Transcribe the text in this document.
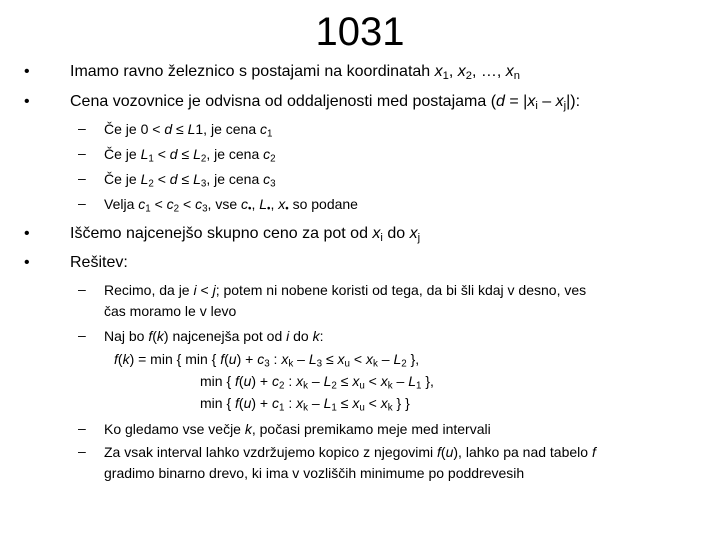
1031
•	Imamo ravno železnico s postajami na koordinatah $x_1$, $x_2$, …, $x_n$
•	Cena vozovnice je odvisna od oddaljenosti med postajama $(d = |x_i - x_j|)$:
– Če je 0 < d ≤ L1, je cena $c_1$
– Če je $L_1 < d \le L_2$, je cena $c_2$
– Če je $L_2 < d \le L_3$, je cena $c_3$
– Velja $c_1 < c_2 < c_3$, vse $c_•$, $L_•$, $x_•$ so podane
•	Iščemo najcenejšo skupno ceno za pot od $x_i$ do $x_j$
•	Rešitev:
– Recimo, da je i < j; potem ni nobene koristi od tega, da bi šli kdaj v desno, ves
čas moramo le v levo
– Naj bo f(k) najcenejša pot od i do k:
f(k) = min { min { $f(u) + c_3$ : $x_k - L_3 \le x_u < x_k - L_2$ },
min { $f(u) + c_2$ : $x_k - L_2 \le x_u < x_k - L_1$ },
min { $f(u) + c_1$ : $x_k - L_1 \le x_u < x_k$ } }
– Ko gledamo vse večje k, počasi premikamo meje med intervali
– Za vsak interval lahko vzdržujemo kopico z njegovimi f(u), lahko pa nad tabelo f
gradimo binarno drevo, ki ima v vozliščih minimume po poddrevesih
